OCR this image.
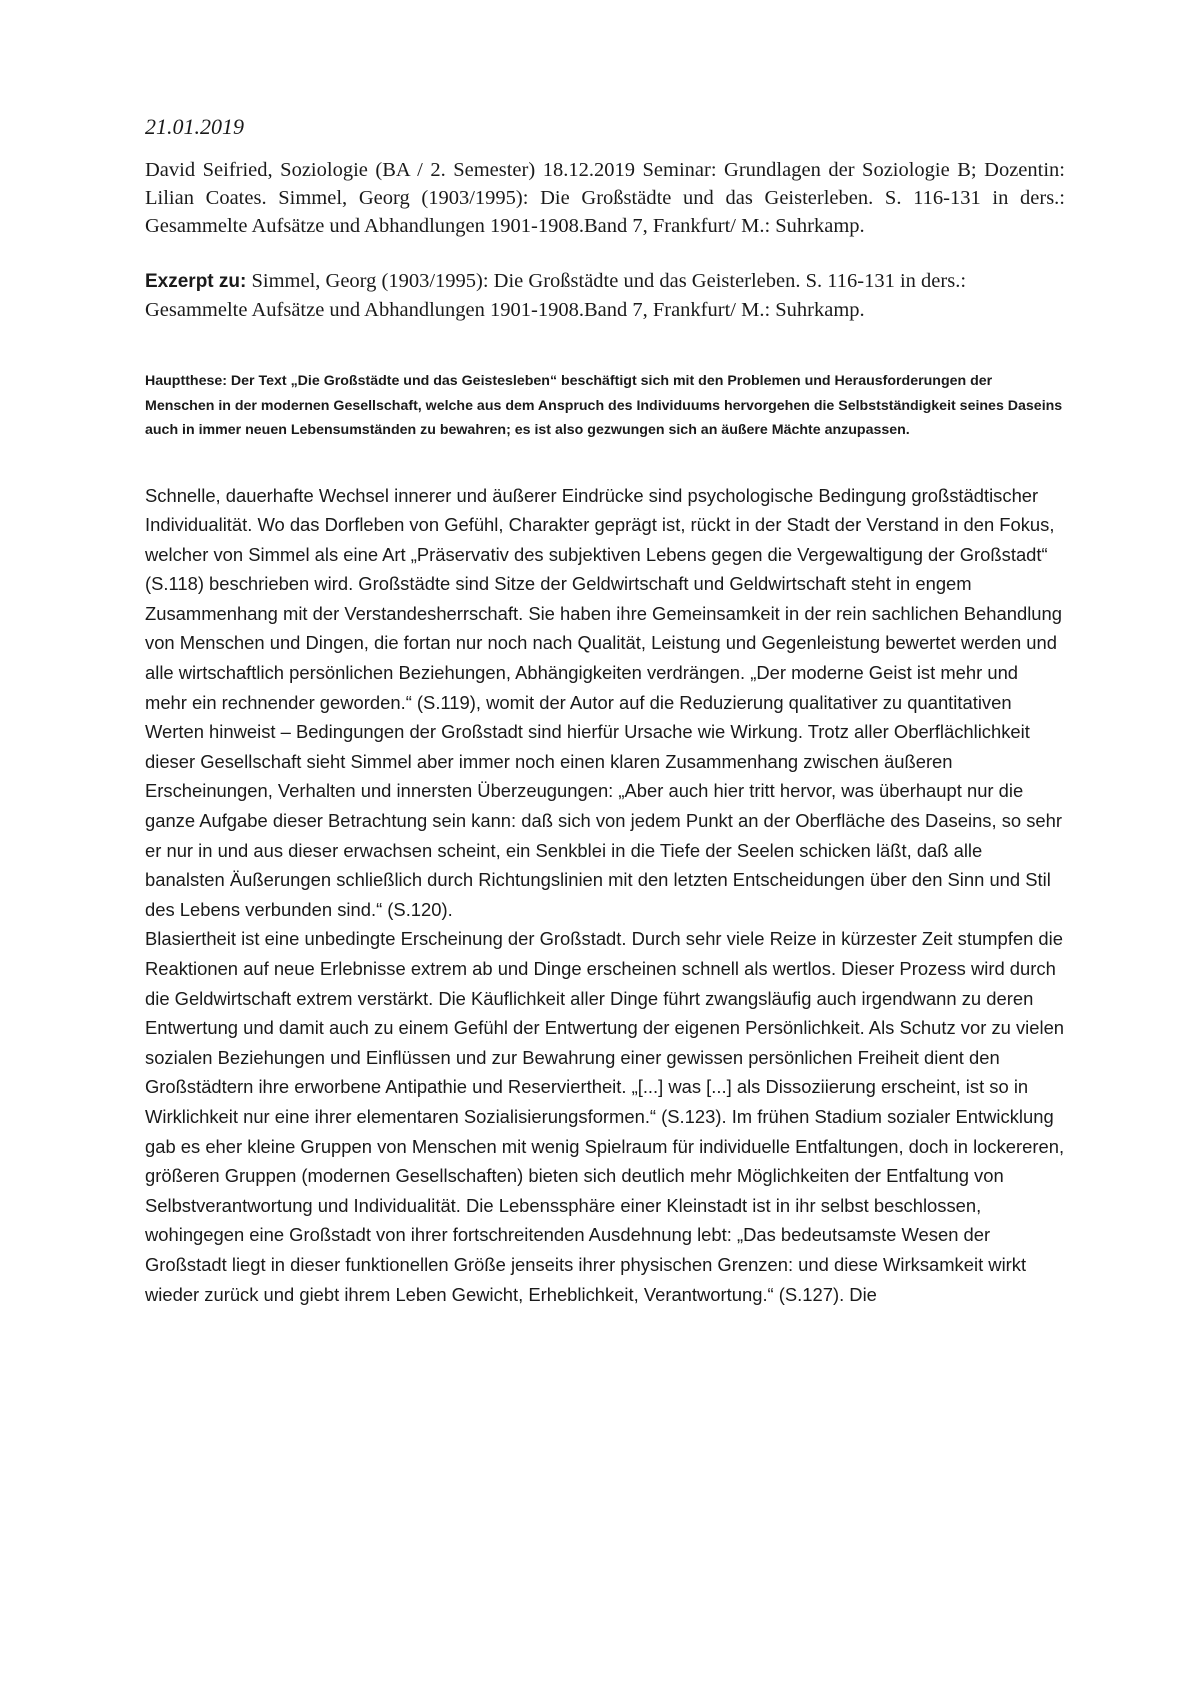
21.01.2019

David Seifried, Soziologie (BA / 2. Semester) 18.12.2019 Seminar: Grundlagen der Soziologie B; Dozentin: Lilian Coates. Simmel, Georg (1903/1995): Die Großstädte und das Geisterleben. S. 116-131 in ders.: Gesammelte Aufsätze und Abhandlungen 1901-1908.Band 7, Frankfurt/ M.: Suhrkamp.

Exzerpt zu: Simmel, Georg (1903/1995): Die Großstädte und das Geisterleben. S. 116-131 in ders.: Gesammelte Aufsätze und Abhandlungen 1901-1908.Band 7, Frankfurt/ M.: Suhrkamp.

Hauptthese: Der Text „Die Großstädte und das Geistesleben“ beschäftigt sich mit den Problemen und Herausforderungen der Menschen in der modernen Gesellschaft, welche aus dem Anspruch des Individuums hervorgehen die Selbstständigkeit seines Daseins auch in immer neuen Lebensumständen zu bewahren; es ist also gezwungen sich an äußere Mächte anzupassen.

Schnelle, dauerhafte Wechsel innerer und äußerer Eindrücke sind psychologische Bedingung großstädtischer Individualität. Wo das Dorfleben von Gefühl, Charakter geprägt ist, rückt in der Stadt der Verstand in den Fokus, welcher von Simmel als eine Art „Präservativ des subjektiven Lebens gegen die Vergewaltigung der Großstadt“ (S.118) beschrieben wird. Großstädte sind Sitze der Geldwirtschaft und Geldwirtschaft steht in engem Zusammenhang mit der Verstandesherrschaft. Sie haben ihre Gemeinsamkeit in der rein sachlichen Behandlung von Menschen und Dingen, die fortan nur noch nach Qualität, Leistung und Gegenleistung bewertet werden und alle wirtschaftlich persönlichen Beziehungen, Abhängigkeiten verdrängen. „Der moderne Geist ist mehr und mehr ein rechnender geworden.“ (S.119), womit der Autor auf die Reduzierung qualitativer zu quantitativen Werten hinweist – Bedingungen der Großstadt sind hierfür Ursache wie Wirkung. Trotz aller Oberflächlichkeit dieser Gesellschaft sieht Simmel aber immer noch einen klaren Zusammenhang zwischen äußeren Erscheinungen, Verhalten und innersten Überzeugungen: „Aber auch hier tritt hervor, was überhaupt nur die ganze Aufgabe dieser Betrachtung sein kann: daß sich von jedem Punkt an der Oberfläche des Daseins, so sehr er nur in und aus dieser erwachsen scheint, ein Senkblei in die Tiefe der Seelen schicken läßt, daß alle banalsten Äußerungen schließlich durch Richtungslinien mit den letzten Entscheidungen über den Sinn und Stil des Lebens verbunden sind.“ (S.120).

Blasiertheit ist eine unbedingte Erscheinung der Großstadt. Durch sehr viele Reize in kürzester Zeit stumpfen die Reaktionen auf neue Erlebnisse extrem ab und Dinge erscheinen schnell als wertlos. Dieser Prozess wird durch die Geldwirtschaft extrem verstärkt. Die Käuflichkeit aller Dinge führt zwangsläufig auch irgendwann zu deren Entwertung und damit auch zu einem Gefühl der Entwertung der eigenen Persönlichkeit. Als Schutz vor zu vielen sozialen Beziehungen und Einflüssen und zur Bewahrung einer gewissen persönlichen Freiheit dient den Großstädtern ihre erworbene Antipathie und Reserviertheit. „[...] was [...] als Dissoziierung erscheint, ist so in Wirklichkeit nur eine ihrer elementaren Sozialisierungsformen.“ (S.123). Im frühen Stadium sozialer Entwicklung gab es eher kleine Gruppen von Menschen mit wenig Spielraum für individuelle Entfaltungen, doch in lockereren, größeren Gruppen (modernen Gesellschaften) bieten sich deutlich mehr Möglichkeiten der Entfaltung von Selbstverantwortung und Individualität. Die Lebenssphäre einer Kleinstadt ist in ihr selbst beschlossen, wohingegen eine Großstadt von ihrer fortschreitenden Ausdehnung lebt: „Das bedeutsamste Wesen der Großstadt liegt in dieser funktionellen Größe jenseits ihrer physischen Grenzen: und diese Wirksamkeit wirkt wieder zurück und giebt ihrem Leben Gewicht, Erheblichkeit, Verantwortung.“ (S.127). Die
